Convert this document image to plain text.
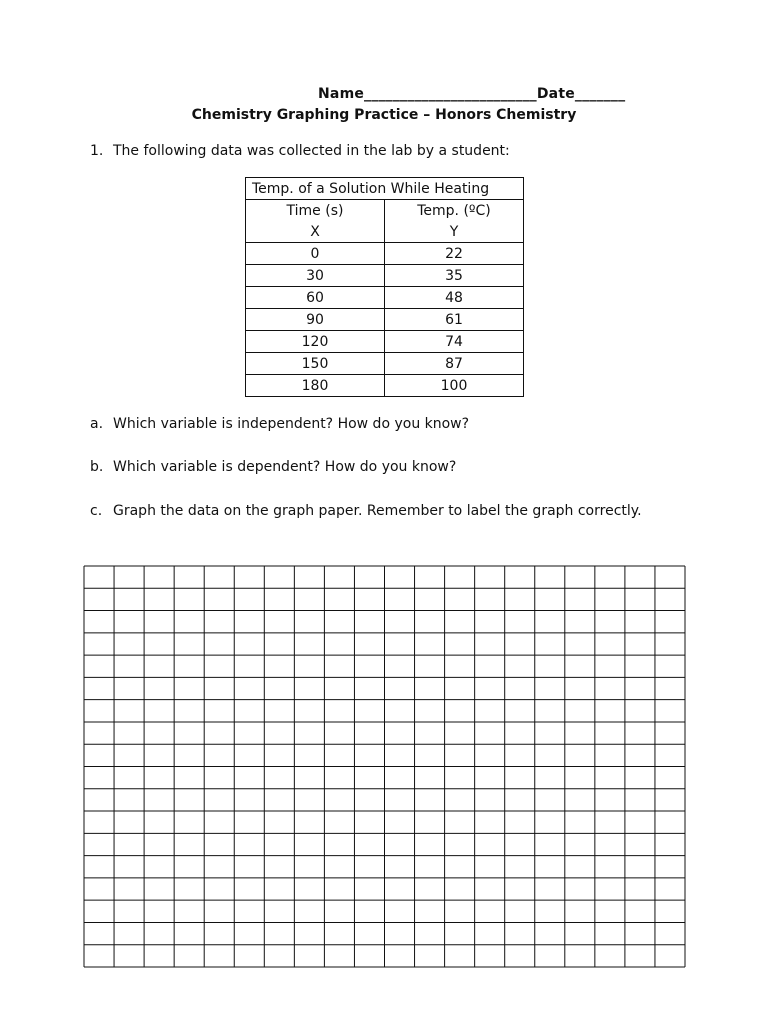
Name________________________Date_______
Chemistry Graphing Practice – Honors Chemistry
1. The following data was collected in the lab by a student:
Temp. of a Solution While Heating	
Time (s)	Temp. (ºC)
X	Y
0	22
30	35
60	48
90	61
120	74
150	87
180	100
a. Which variable is independent? How do you know?
b. Which variable is dependent? How do you know?
c. Graph the data on the graph paper. Remember to label the graph correctly.
